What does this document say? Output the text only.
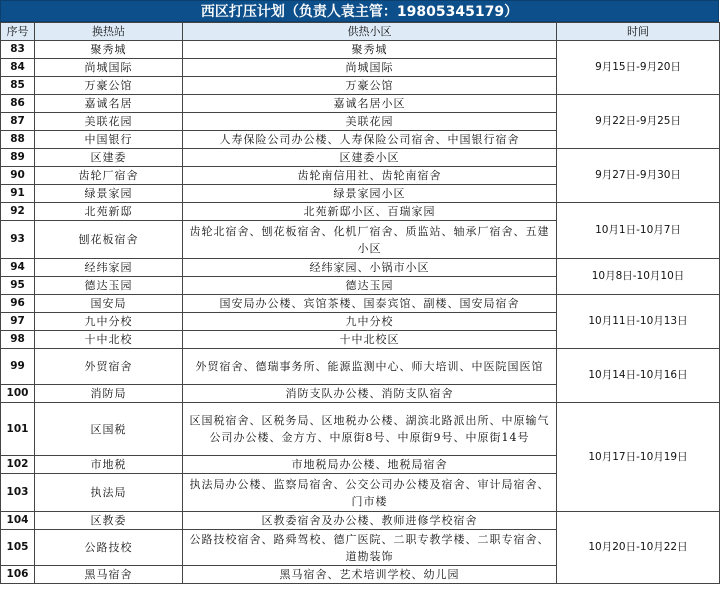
西区打压计划（负责人袁主管：19805345179）
序号	换热站	供热小区	时间
83	聚秀城	聚秀城	9月15日-9月20日
84	尚城国际	尚城国际	
85	万豪公馆	万豪公馆	
86	嘉诚名居	嘉诚名居小区	9月22日-9月25日
87	美联花园	美联花园	
88	中国银行	人寿保险公司办公楼、人寿保险公司宿舍、中国银行宿舍	
89	区建委	区建委小区	9月27日-9月30日
90	齿轮厂宿舍	齿轮南信用社、齿轮南宿舍	
91	绿景家园	绿景家园小区	
92	北苑新邸	北苑新邸小区、百瑞家园	10月1日-10月7日
93	刨花板宿舍	齿轮北宿舍、刨花板宿舍、化机厂宿舍、质监站、轴承厂宿舍、五建小区	
94	经纬家园	经纬家园、小锅市小区	10月8日-10月10日
95	德达玉园	德达玉园	
96	国安局	国安局办公楼、宾馆茶楼、国泰宾馆、副楼、国安局宿舍	10月11日-10月13日
97	九中分校	九中分校	
98	十中北校	十中北校区	
99	外贸宿舍	外贸宿舍、德瑞事务所、能源监测中心、师大培训、中医院国医馆	10月14日-10月16日
100	消防局	消防支队办公楼、消防支队宿舍	
101	区国税	区国税宿舍、区税务局、区地税办公楼、湖滨北路派出所、中原输气公司办公楼、金方方、中原街8号、中原街9号、中原街14号	10月17日-10月19日
102	市地税	市地税局办公楼、地税局宿舍	
103	执法局	执法局办公楼、监察局宿舍、公交公司办公楼及宿舍、审计局宿舍、门市楼	
104	区教委	区教委宿舍及办公楼、教师进修学校宿舍	10月20日-10月22日
105	公路技校	公路技校宿舍、路舜驾校、德广医院、二职专教学楼、二职专宿舍、道勘装饰	
106	黑马宿舍	黑马宿舍、艺术培训学校、幼儿园	
